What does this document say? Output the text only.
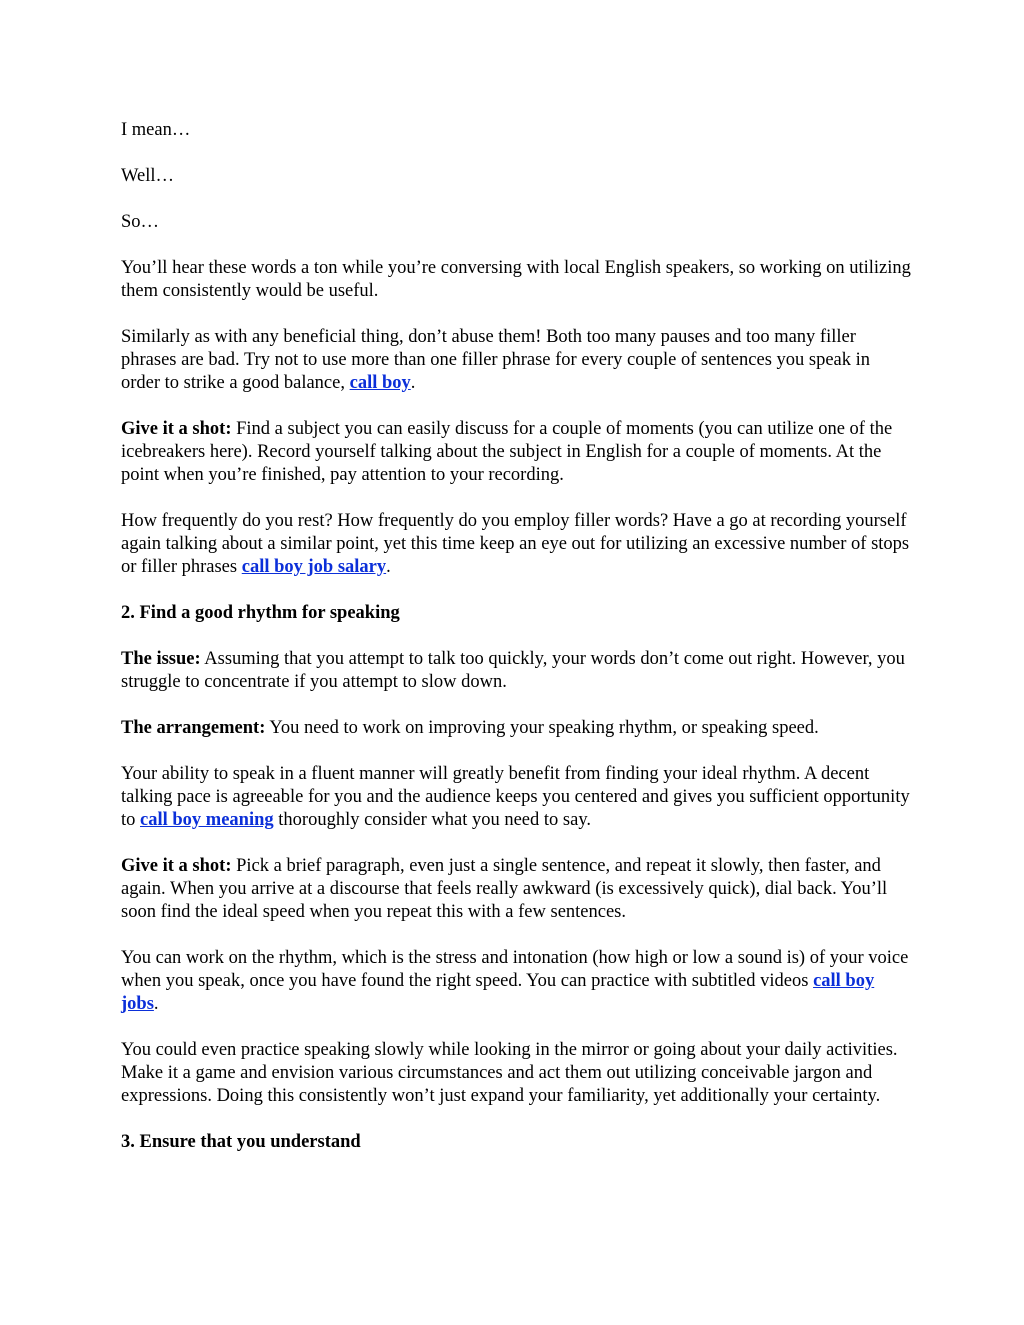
I mean…

Well…

So…

You’ll hear these words a ton while you’re conversing with local English speakers, so working on utilizing them consistently would be useful.

Similarly as with any beneficial thing, don’t abuse them! Both too many pauses and too many filler phrases are bad. Try not to use more than one filler phrase for every couple of sentences you speak in order to strike a good balance, call boy.

Give it a shot: Find a subject you can easily discuss for a couple of moments (you can utilize one of the icebreakers here). Record yourself talking about the subject in English for a couple of moments. At the point when you’re finished, pay attention to your recording.

How frequently do you rest? How frequently do you employ filler words? Have a go at recording yourself again talking about a similar point, yet this time keep an eye out for utilizing an excessive number of stops or filler phrases call boy job salary.

2. Find a good rhythm for speaking

The issue: Assuming that you attempt to talk too quickly, your words don’t come out right. However, you struggle to concentrate if you attempt to slow down.

The arrangement: You need to work on improving your speaking rhythm, or speaking speed.

Your ability to speak in a fluent manner will greatly benefit from finding your ideal rhythm. A decent talking pace is agreeable for you and the audience keeps you centered and gives you sufficient opportunity to call boy meaning thoroughly consider what you need to say.

Give it a shot: Pick a brief paragraph, even just a single sentence, and repeat it slowly, then faster, and again. When you arrive at a discourse that feels really awkward (is excessively quick), dial back. You’ll soon find the ideal speed when you repeat this with a few sentences.

You can work on the rhythm, which is the stress and intonation (how high or low a sound is) of your voice when you speak, once you have found the right speed. You can practice with subtitled videos call boy jobs.

You could even practice speaking slowly while looking in the mirror or going about your daily activities. Make it a game and envision various circumstances and act them out utilizing conceivable jargon and expressions. Doing this consistently won’t just expand your familiarity, yet additionally your certainty.

3. Ensure that you understand
